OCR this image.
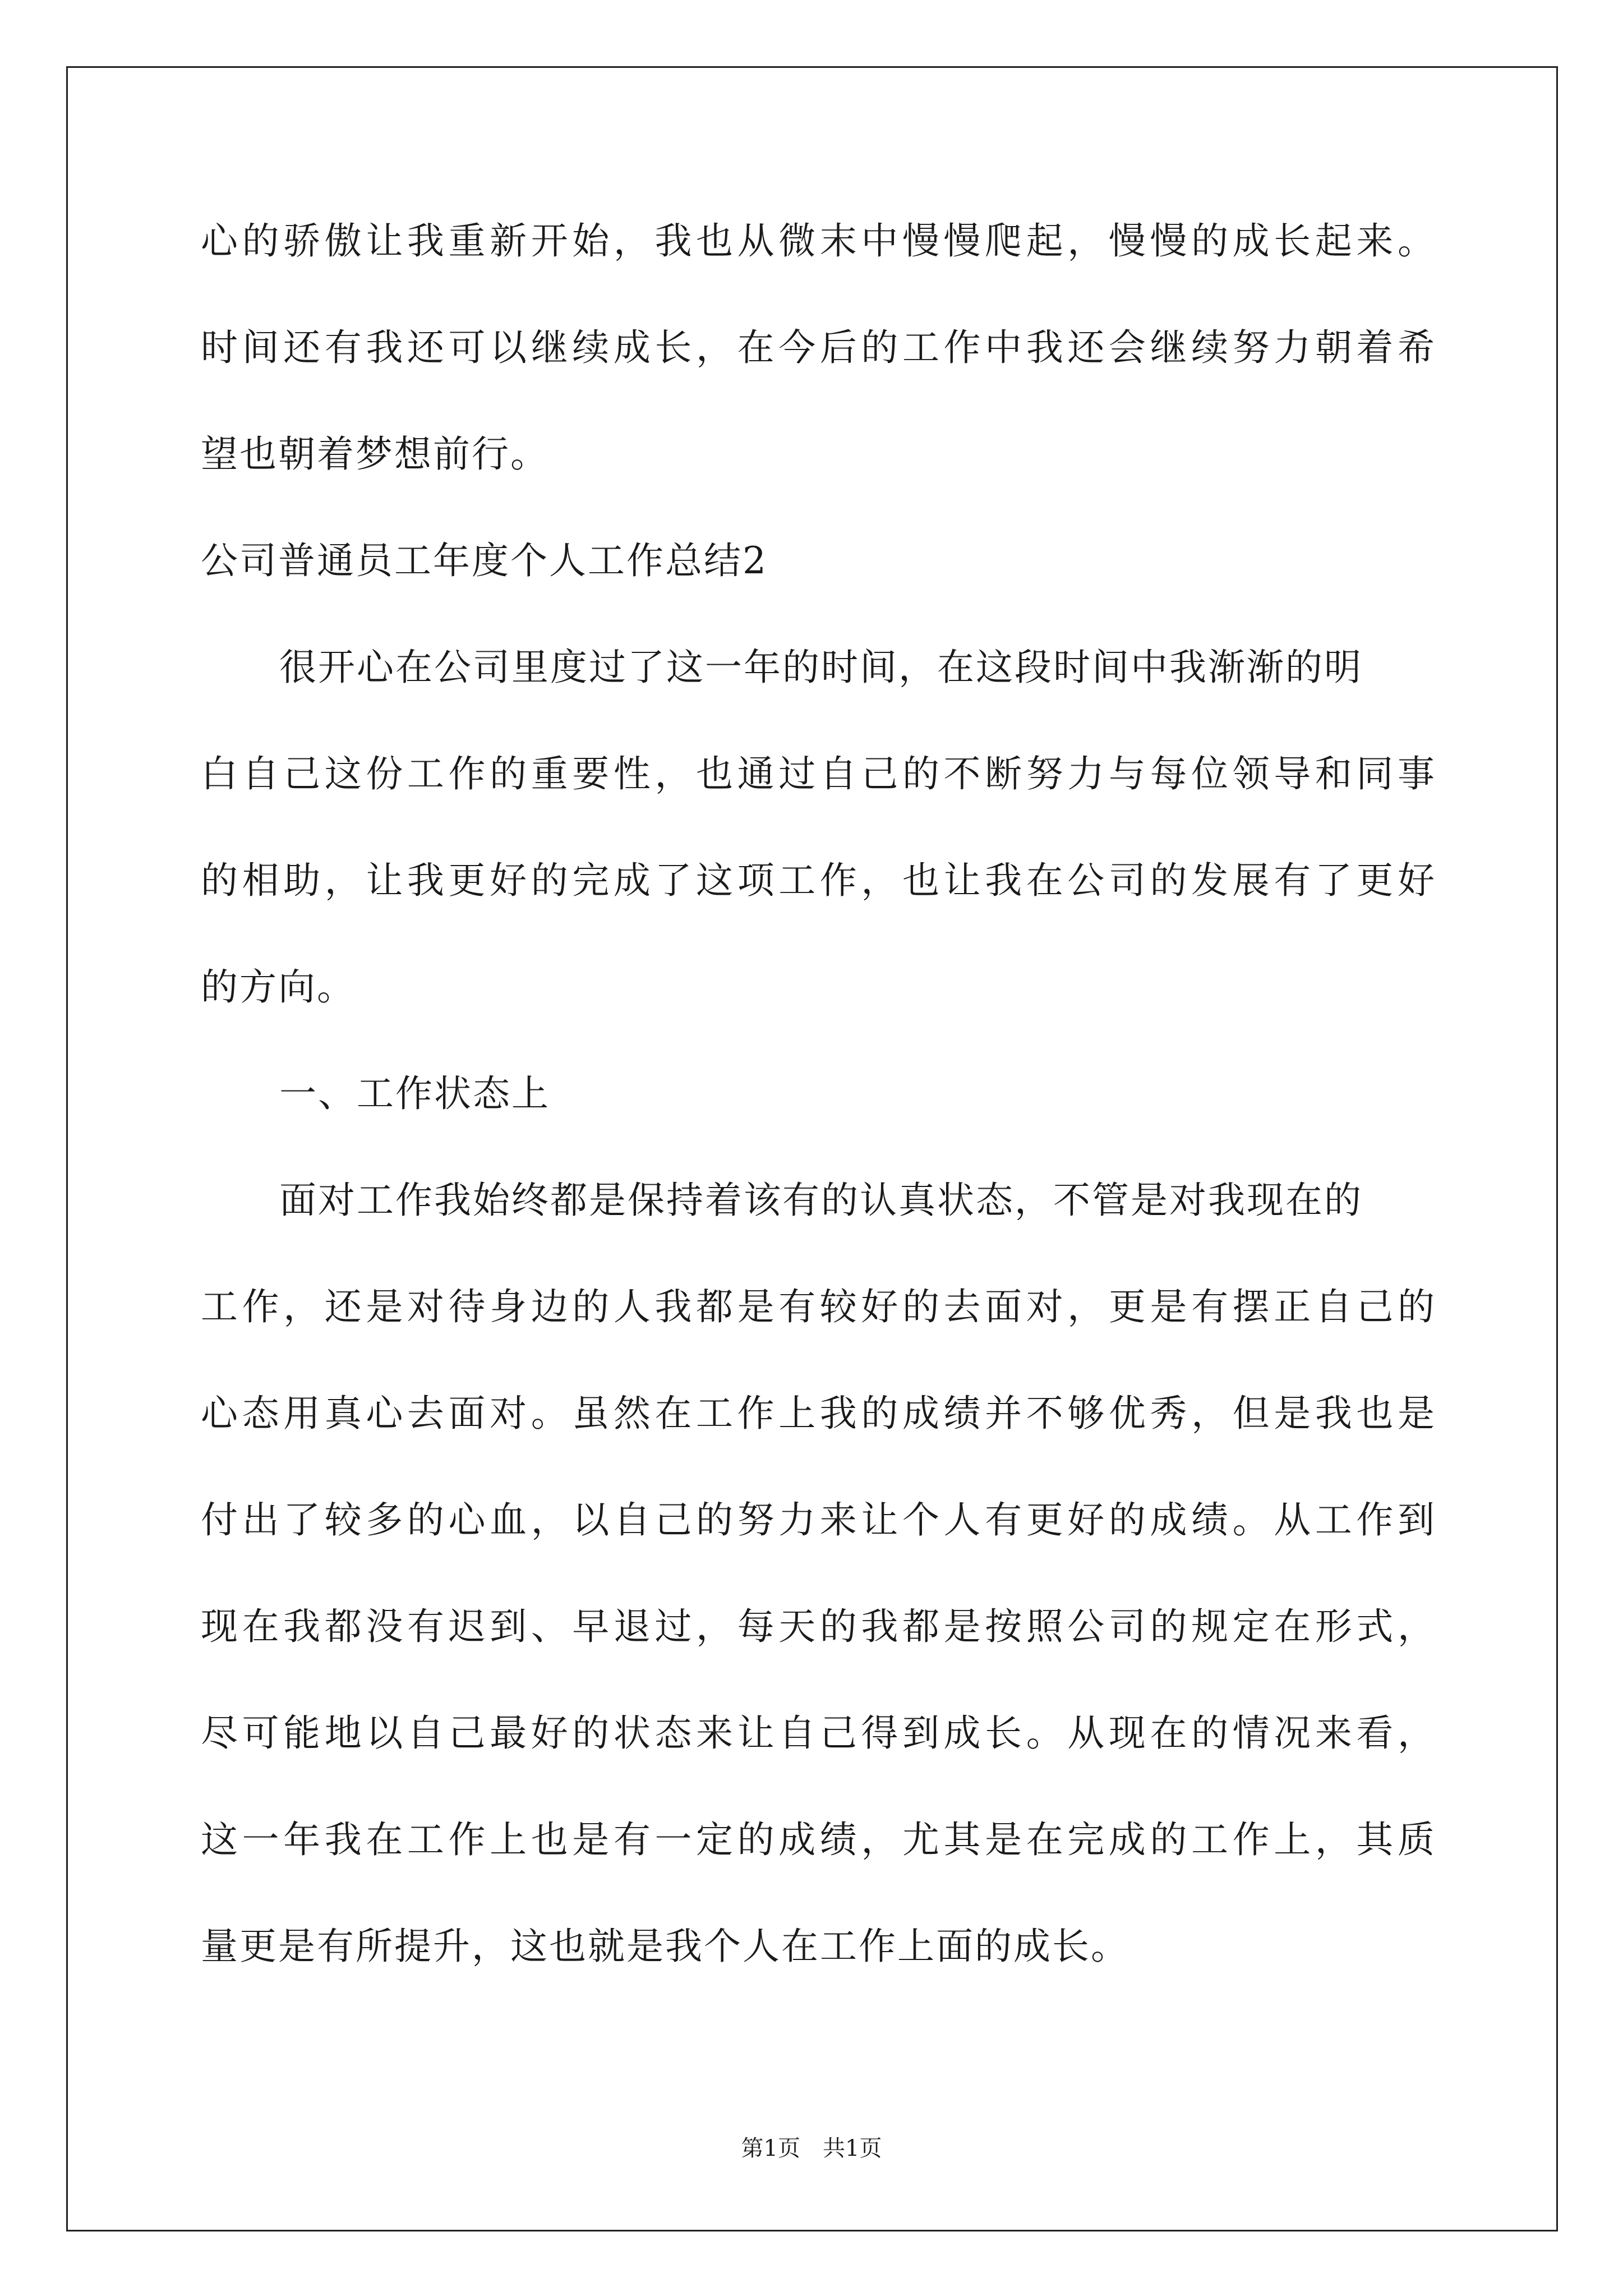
心的骄傲让我重新开始，我也从微末中慢慢爬起，慢慢的成长起来。
时间还有我还可以继续成长，在今后的工作中我还会继续努力朝着希
望也朝着梦想前行。
公司普通员工年度个人工作总结2
很开心在公司里度过了这一年的时间，在这段时间中我渐渐的明
白自己这份工作的重要性，也通过自己的不断努力与每位领导和同事
的相助，让我更好的完成了这项工作，也让我在公司的发展有了更好
的方向。
一、工作状态上
面对工作我始终都是保持着该有的认真状态，不管是对我现在的
工作，还是对待身边的人我都是有较好的去面对，更是有摆正自己的
心态用真心去面对。虽然在工作上我的成绩并不够优秀，但是我也是
付出了较多的心血，以自己的努力来让个人有更好的成绩。从工作到
现在我都没有迟到、早退过，每天的我都是按照公司的规定在形式，
尽可能地以自己最好的状态来让自己得到成长。从现在的情况来看，
这一年我在工作上也是有一定的成绩，尤其是在完成的工作上，其质
量更是有所提升，这也就是我个人在工作上面的成长。
第1页　共1页
